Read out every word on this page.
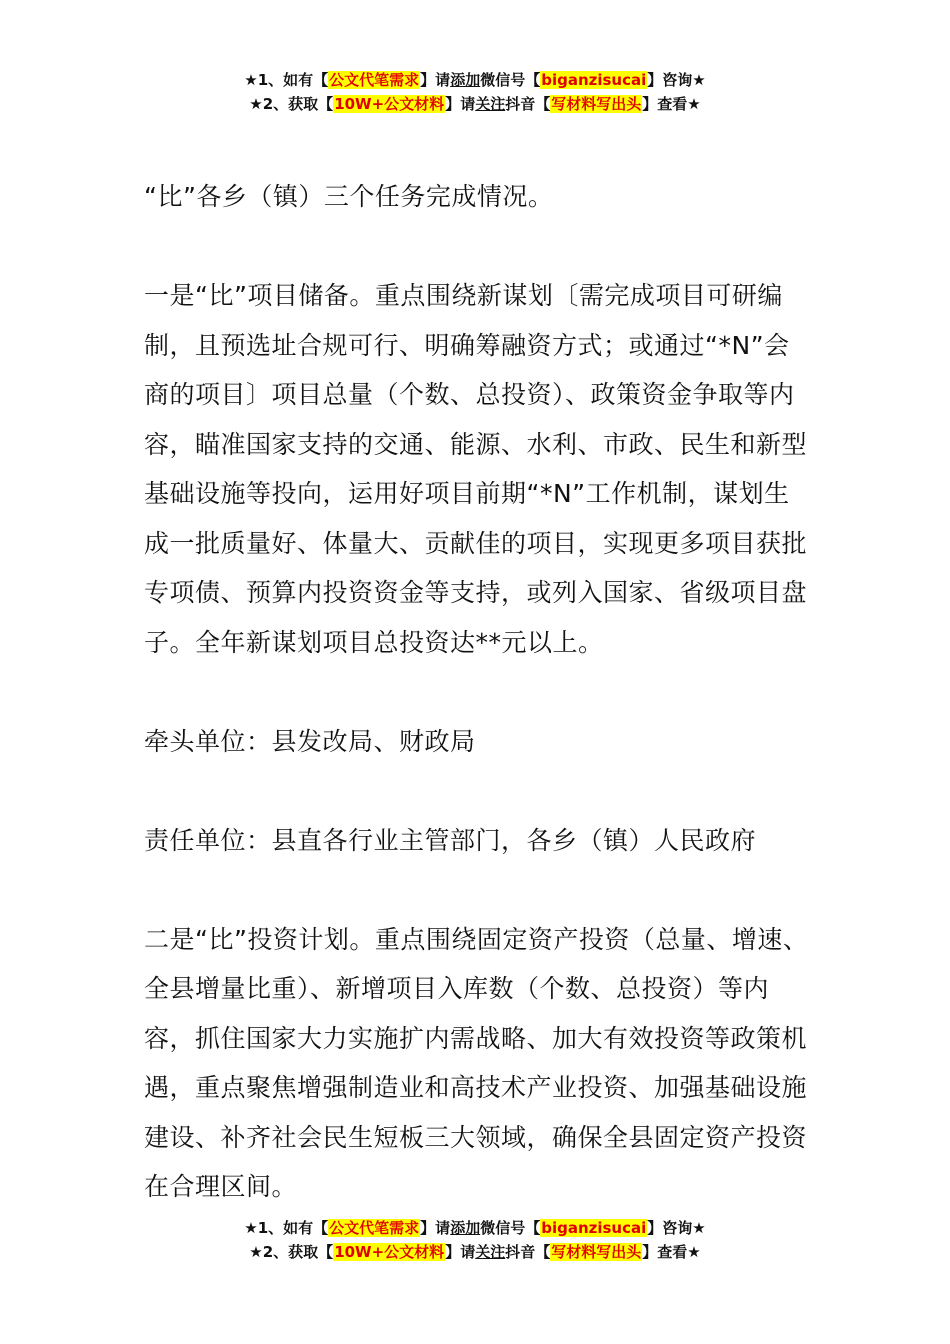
★1、如有【公文代笔需求】请添加微信号【biganzisucai】咨询★
★2、获取【10W+公文材料】请关注抖音【写材料写出头】查看★

“比”各乡（镇）三个任务完成情况。

一是“比”项目储备。重点围绕新谋划〔需完成项目可研编制，且预选址合规可行、明确筹融资方式；或通过“*N”会商的项目〕项目总量（个数、总投资）、政策资金争取等内容，瞄准国家支持的交通、能源、水利、市政、民生和新型基础设施等投向，运用好项目前期“*N”工作机制，谋划生成一批质量好、体量大、贡献佳的项目，实现更多项目获批专项债、预算内投资资金等支持，或列入国家、省级项目盘子。全年新谋划项目总投资达**元以上。

牵头单位：县发改局、财政局

责任单位：县直各行业主管部门，各乡（镇）人民政府

二是“比”投资计划。重点围绕固定资产投资（总量、增速、全县增量比重）、新增项目入库数（个数、总投资）等内容，抓住国家大力实施扩内需战略、加大有效投资等政策机遇，重点聚焦增强制造业和高技术产业投资、加强基础设施建设、补齐社会民生短板三大领域，确保全县固定资产投资在合理区间。

★1、如有【公文代笔需求】请添加微信号【biganzisucai】咨询★
★2、获取【10W+公文材料】请关注抖音【写材料写出头】查看★
